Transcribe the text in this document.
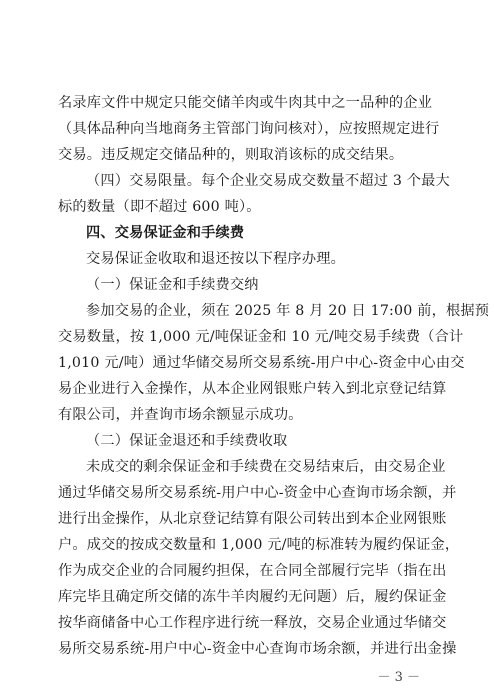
名录库文件中规定只能交储羊肉或牛肉其中之一品种的企业
（具体品种向当地商务主管部门询问核对），应按照规定进行
交易。违反规定交储品种的，则取消该标的成交结果。
（四）交易限量。每个企业交易成交数量不超过 3 个最大
标的数量（即不超过 600 吨）。
四、交易保证金和手续费
交易保证金收取和退还按以下程序办理。
（一）保证金和手续费交纳
参加交易的企业，须在 2025 年 8 月 20 日 17:00 前，根据预
交易数量，按 1,000 元/吨保证金和 10 元/吨交易手续费（合计
1,010 元/吨）通过华储交易所交易系统-用户中心-资金中心由交
易企业进行入金操作，从本企业网银账户转入到北京登记结算
有限公司，并查询市场余额显示成功。
（二）保证金退还和手续费收取
未成交的剩余保证金和手续费在交易结束后，由交易企业
通过华储交易所交易系统-用户中心-资金中心查询市场余额，并
进行出金操作，从北京登记结算有限公司转出到本企业网银账
户。成交的按成交数量和 1,000 元/吨的标准转为履约保证金，
作为成交企业的合同履约担保，在合同全部履行完毕（指在出
库完毕且确定所交储的冻牛羊肉履约无问题）后，履约保证金
按华商储备中心工作程序进行统一释放，交易企业通过华储交
易所交易系统-用户中心-资金中心查询市场余额，并进行出金操
－ 3 －
